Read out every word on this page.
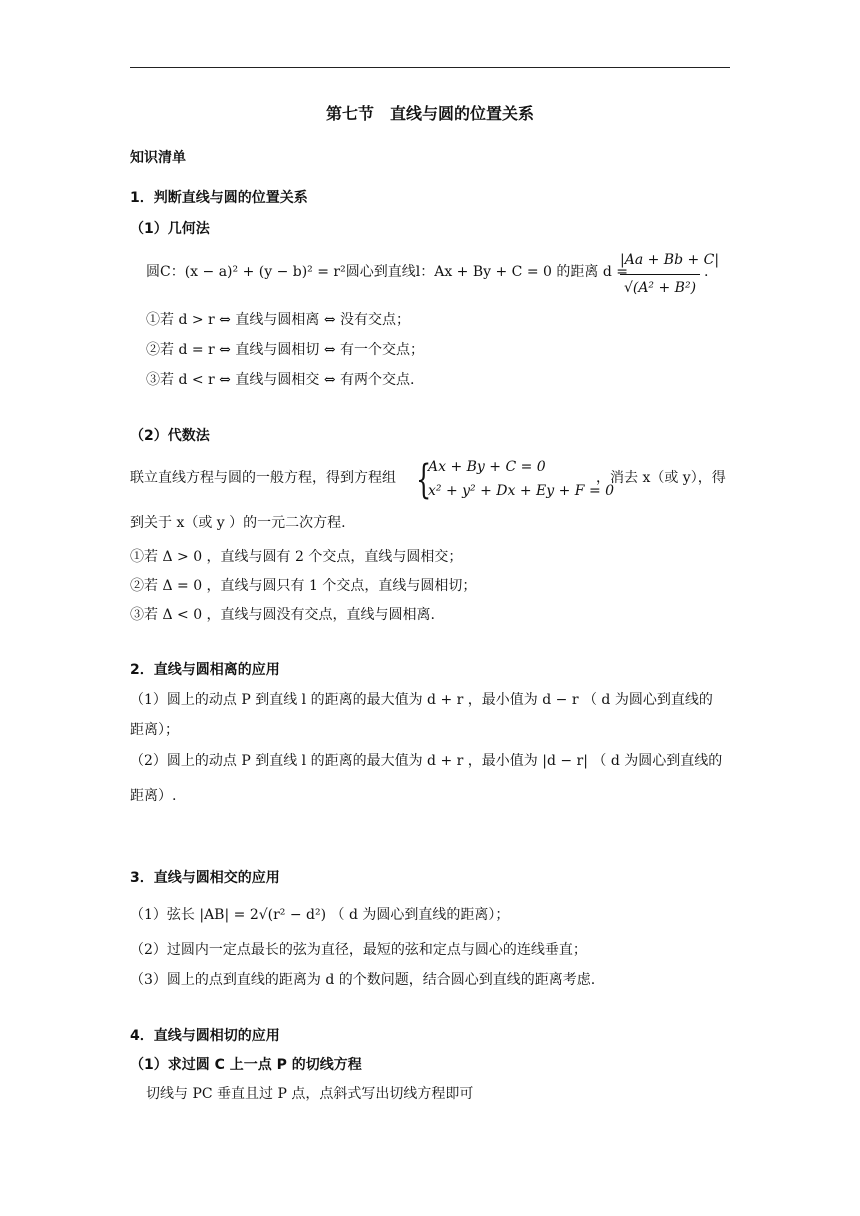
第七节　直线与圆的位置关系
知识清单
1．判断直线与圆的位置关系
（1）几何法
圆C：(x − a)² + (y − b)² = r²圆心到直线l：Ax + By + C = 0 的距离 d =
|Aa + Bb + C|
√(A² + B²)
.
①若 d > r ⇔ 直线与圆相离 ⇔ 没有交点；
②若 d = r ⇔ 直线与圆相切 ⇔ 有一个交点；
③若 d < r ⇔ 直线与圆相交 ⇔ 有两个交点.
（2）代数法
联立直线方程与圆的一般方程，得到方程组 {
Ax + By + C = 0
x² + y² + Dx + Ey + F = 0
，消去 x（或 y），得
到关于 x（或 y ）的一元二次方程.
①若 Δ > 0 ，直线与圆有 2 个交点，直线与圆相交；
②若 Δ = 0 ，直线与圆只有 1 个交点，直线与圆相切；
③若 Δ < 0 ，直线与圆没有交点，直线与圆相离.
2．直线与圆相离的应用
（1）圆上的动点 P 到直线 l 的距离的最大值为 d + r ，最小值为 d − r （ d 为圆心到直线的
距离）；
（2）圆上的动点 P 到直线 l 的距离的最大值为 d + r ，最小值为 |d − r| （ d 为圆心到直线的
距离）.
3．直线与圆相交的应用
（1）弦长 |AB| = 2√(r² − d²) （ d 为圆心到直线的距离）；
（2）过圆内一定点最长的弦为直径，最短的弦和定点与圆心的连线垂直；
（3）圆上的点到直线的距离为 d 的个数问题，结合圆心到直线的距离考虑.
4．直线与圆相切的应用
（1）求过圆 C 上一点 P 的切线方程
切线与 PC 垂直且过 P 点，点斜式写出切线方程即可
